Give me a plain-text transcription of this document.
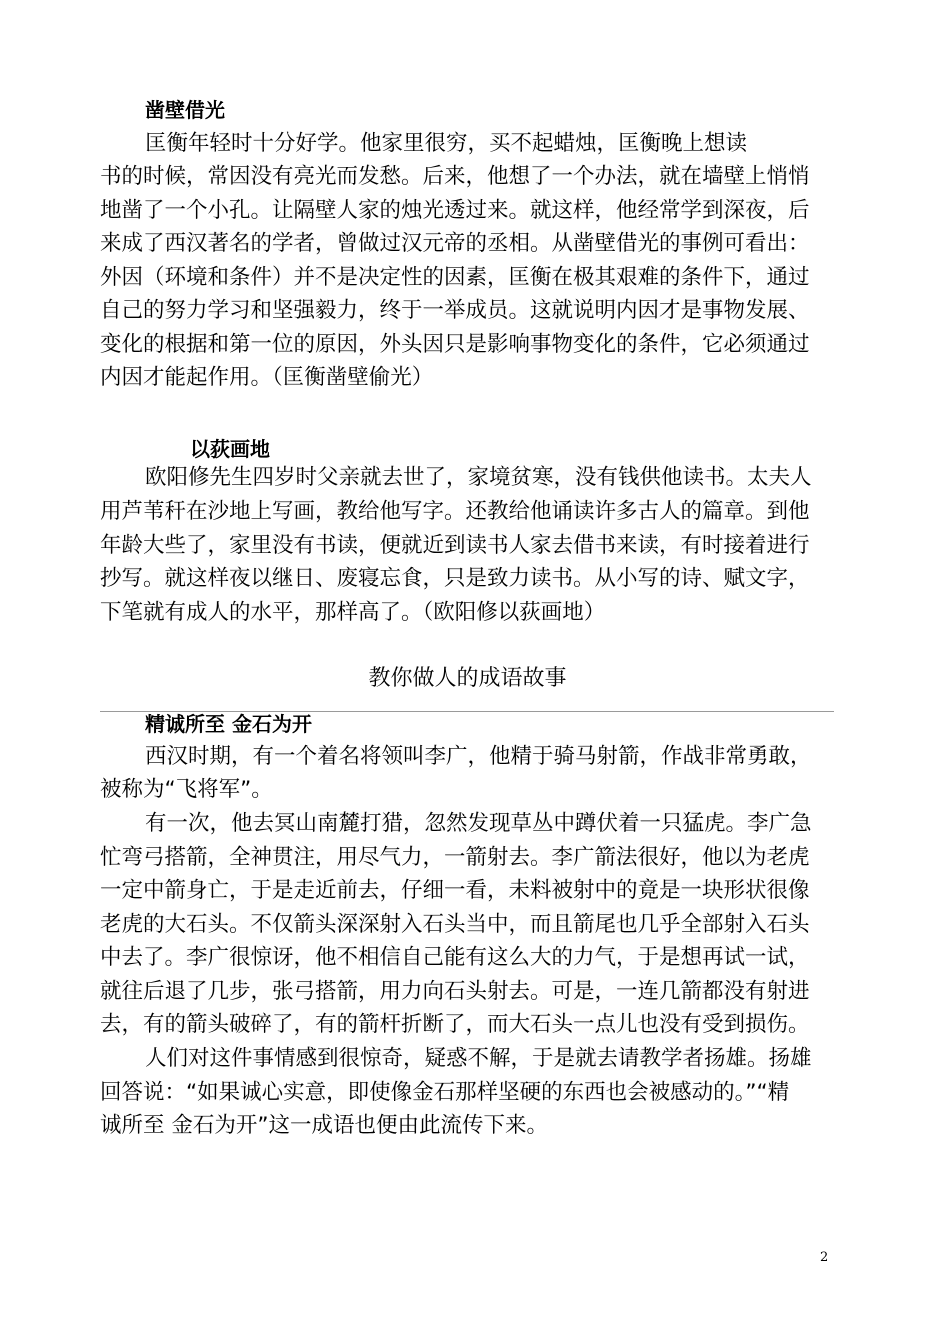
凿壁借光
匡衡年轻时十分好学。他家里很穷，买不起蜡烛，匡衡晚上想读
书的时候，常因没有亮光而发愁。后来，他想了一个办法，就在墙壁上悄悄
地凿了一个小孔。让隔壁人家的烛光透过来。就这样，他经常学到深夜，后
来成了西汉著名的学者，曾做过汉元帝的丞相。从凿壁借光的事例可看出：
外因（环境和条件）并不是决定性的因素，匡衡在极其艰难的条件下，通过
自己的努力学习和坚强毅力，终于一举成员。这就说明内因才是事物发展、
变化的根据和第一位的原因，外头因只是影响事物变化的条件，它必须通过
内因才能起作用。（匡衡凿壁偷光）
以荻画地
欧阳修先生四岁时父亲就去世了，家境贫寒，没有钱供他读书。太夫人
用芦苇秆在沙地上写画，教给他写字。还教给他诵读许多古人的篇章。到他
年龄大些了，家里没有书读，便就近到读书人家去借书来读，有时接着进行
抄写。就这样夜以继日、废寝忘食，只是致力读书。从小写的诗、赋文字，
下笔就有成人的水平，那样高了。（欧阳修以荻画地）
教你做人的成语故事
精诚所至 金石为开
西汉时期，有一个着名将领叫李广，他精于骑马射箭，作战非常勇敢，
被称为“飞将军”。
有一次，他去冥山南麓打猎，忽然发现草丛中蹲伏着一只猛虎。李广急
忙弯弓搭箭，全神贯注，用尽气力，一箭射去。李广箭法很好，他以为老虎
一定中箭身亡，于是走近前去，仔细一看，未料被射中的竟是一块形状很像
老虎的大石头。不仅箭头深深射入石头当中，而且箭尾也几乎全部射入石头
中去了。李广很惊讶，他不相信自己能有这么大的力气，于是想再试一试，
就往后退了几步，张弓搭箭，用力向石头射去。可是，一连几箭都没有射进
去，有的箭头破碎了，有的箭杆折断了，而大石头一点儿也没有受到损伤。
人们对这件事情感到很惊奇，疑惑不解，于是就去请教学者扬雄。扬雄
回答说：“如果诚心实意，即使像金石那样坚硬的东西也会被感动的。”“精
诚所至 金石为开”这一成语也便由此流传下来。
2
